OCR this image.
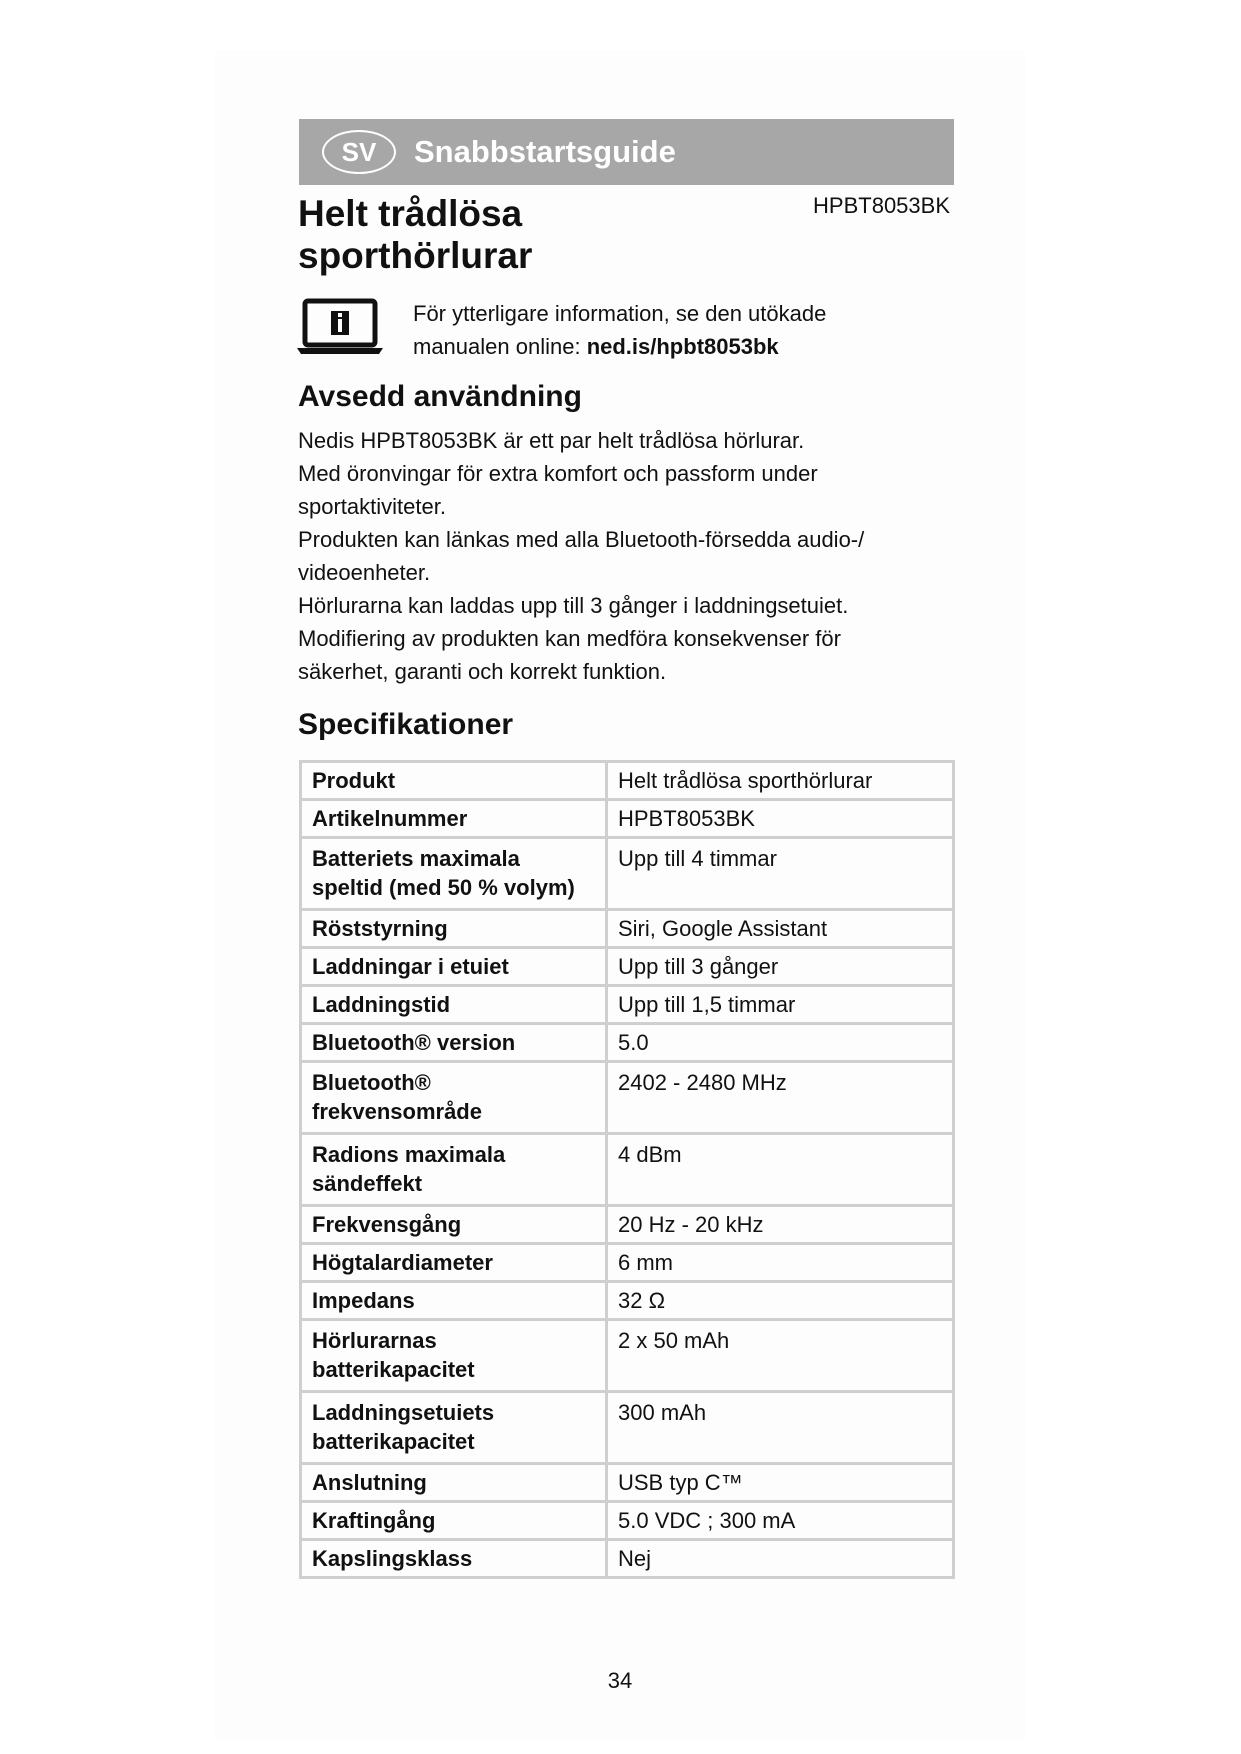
SV	Snabbstartsguide
Helt trådlösa
sporthörlurar
HPBT8053BK
För ytterligare information, se den utökade
manualen online: ned.is/hpbt8053bk
Avsedd användning

Nedis HPBT8053BK är ett par helt trådlösa hörlurar.

Med öronvingar för extra komfort och passform under

sportaktiviteter.

Produkten kan länkas med alla Bluetooth-försedda audio-/

videoenheter.

Hörlurarna kan laddas upp till 3 gånger i laddningsetuiet.

Modifiering av produkten kan medföra konsekvenser för

säkerhet, garanti och korrekt funktion.

Specifikationer
Produkt	Helt trådlösa sporthörlurar
Artikelnummer	HPBT8053BK
Batteriets maximala speltid (med 50 % volym)	Upp till 4 timmar
Röststyrning	Siri, Google Assistant
Laddningar i etuiet	Upp till 3 gånger
Laddningstid	Upp till 1,5 timmar
Bluetooth® version	5.0
Bluetooth® frekvensområde	2402 - 2480 MHz
Radions maximala sändeffekt	4 dBm
Frekvensgång	20 Hz - 20 kHz
Högtalardiameter	6 mm
Impedans	32 Ω
Hörlurarnas batterikapacitet	2 x 50 mAh
Laddningsetuiets batterikapacitet	300 mAh
Anslutning	USB typ C™
Kraftingång	5.0 VDC ; 300 mA
Kapslingsklass	Nej
34
